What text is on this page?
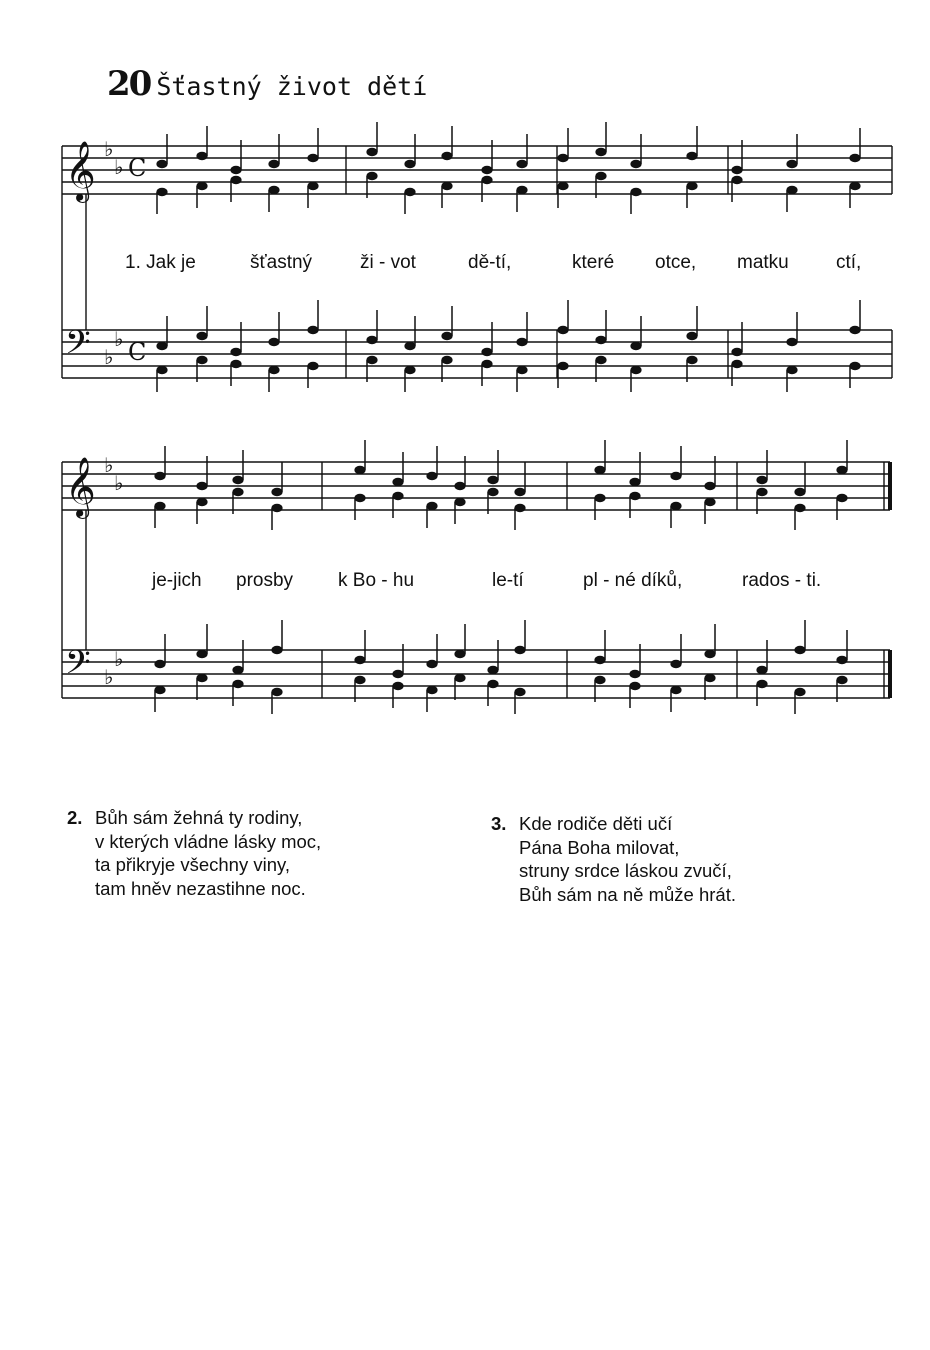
20 Šťastný život dětí
𝄞 ♭
♭ C
𝄢 ♭
♭ C
𝄞 ♭
♭
𝄢 ♭
♭
1. Jak je	šťastný	ži - vot	dě-tí,	které otce, matku ctí,
je-jich prosby k Bo - hu	le-tí	pl - né díků,	rados - ti.
2. Bůh sám žehná ty rodiny,
v kterých vládne lásky moc,
ta přikryje všechny viny,
tam hněv nezastihne noc.
3. Kde rodiče děti učí
Pána Boha milovat,
struny srdce láskou zvučí,
Bůh sám na ně může hrát.
